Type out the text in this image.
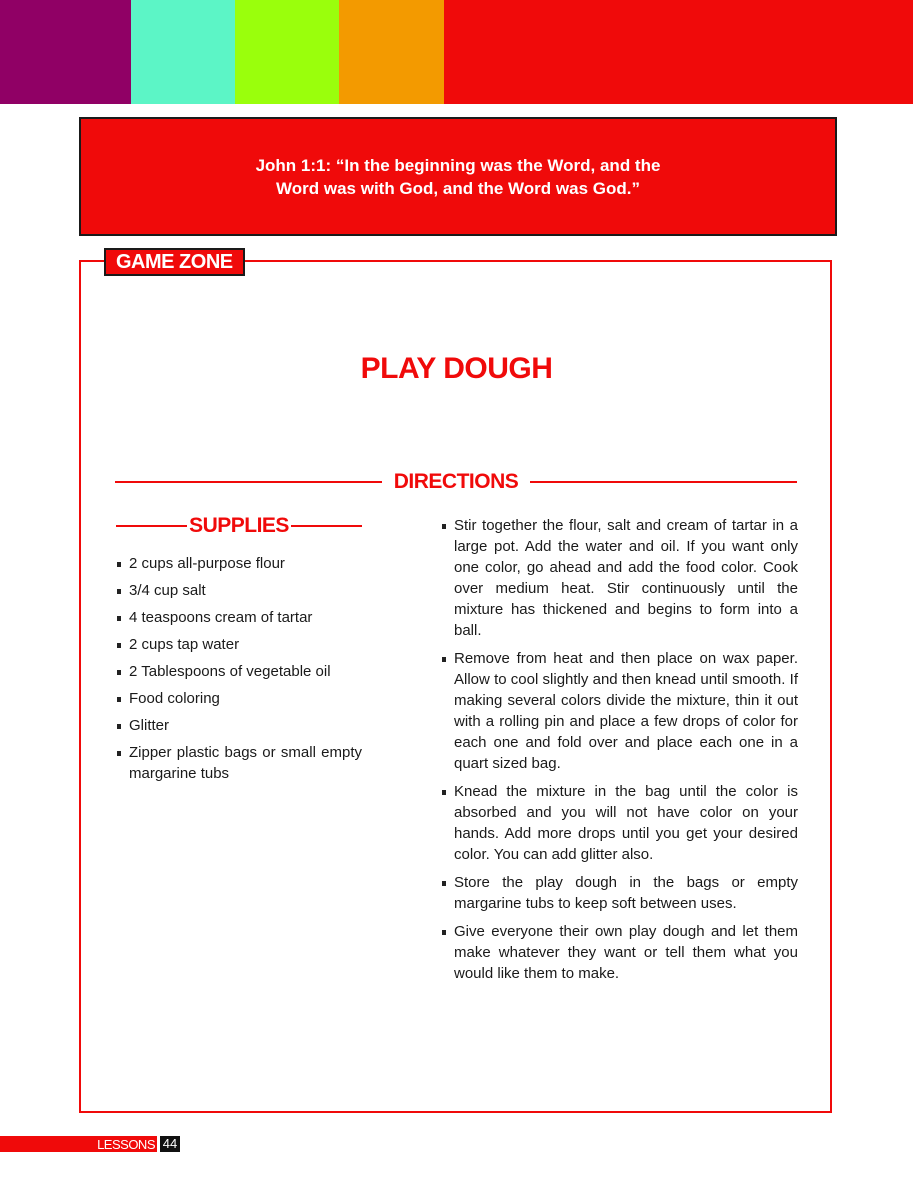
John 1:1: “In the beginning was the Word, and the Word was with God, and the Word was God.”

GAME ZONE
PLAY DOUGH
DIRECTIONS
SUPPLIES
2 cups all-purpose flour
3/4 cup salt
4 teaspoons cream of tartar
2 cups tap water
2 Tablespoons of vegetable oil
Food coloring
Glitter
Zipper plastic bags or small empty margarine tubs
Stir together the flour, salt and cream of tartar in a large pot. Add the water and oil. If you want only one color, go ahead and add the food color. Cook over medium heat. Stir continuously until the mixture has thickened and begins to form into a ball.
Remove from heat and then place on wax paper. Allow to cool slightly and then knead until smooth. If making several colors divide the mixture, thin it out with a rolling pin and place a few drops of color for each one and fold over and place each one in a quart sized bag.
Knead the mixture in the bag until the color is absorbed and you will not have color on your hands. Add more drops until you get your desired color. You can add glitter also.
Store the play dough in the bags or empty margarine tubs to keep soft between uses.
Give everyone their own play dough and let them make whatever they want or tell them what you would like them to make.
LESSONS 44
